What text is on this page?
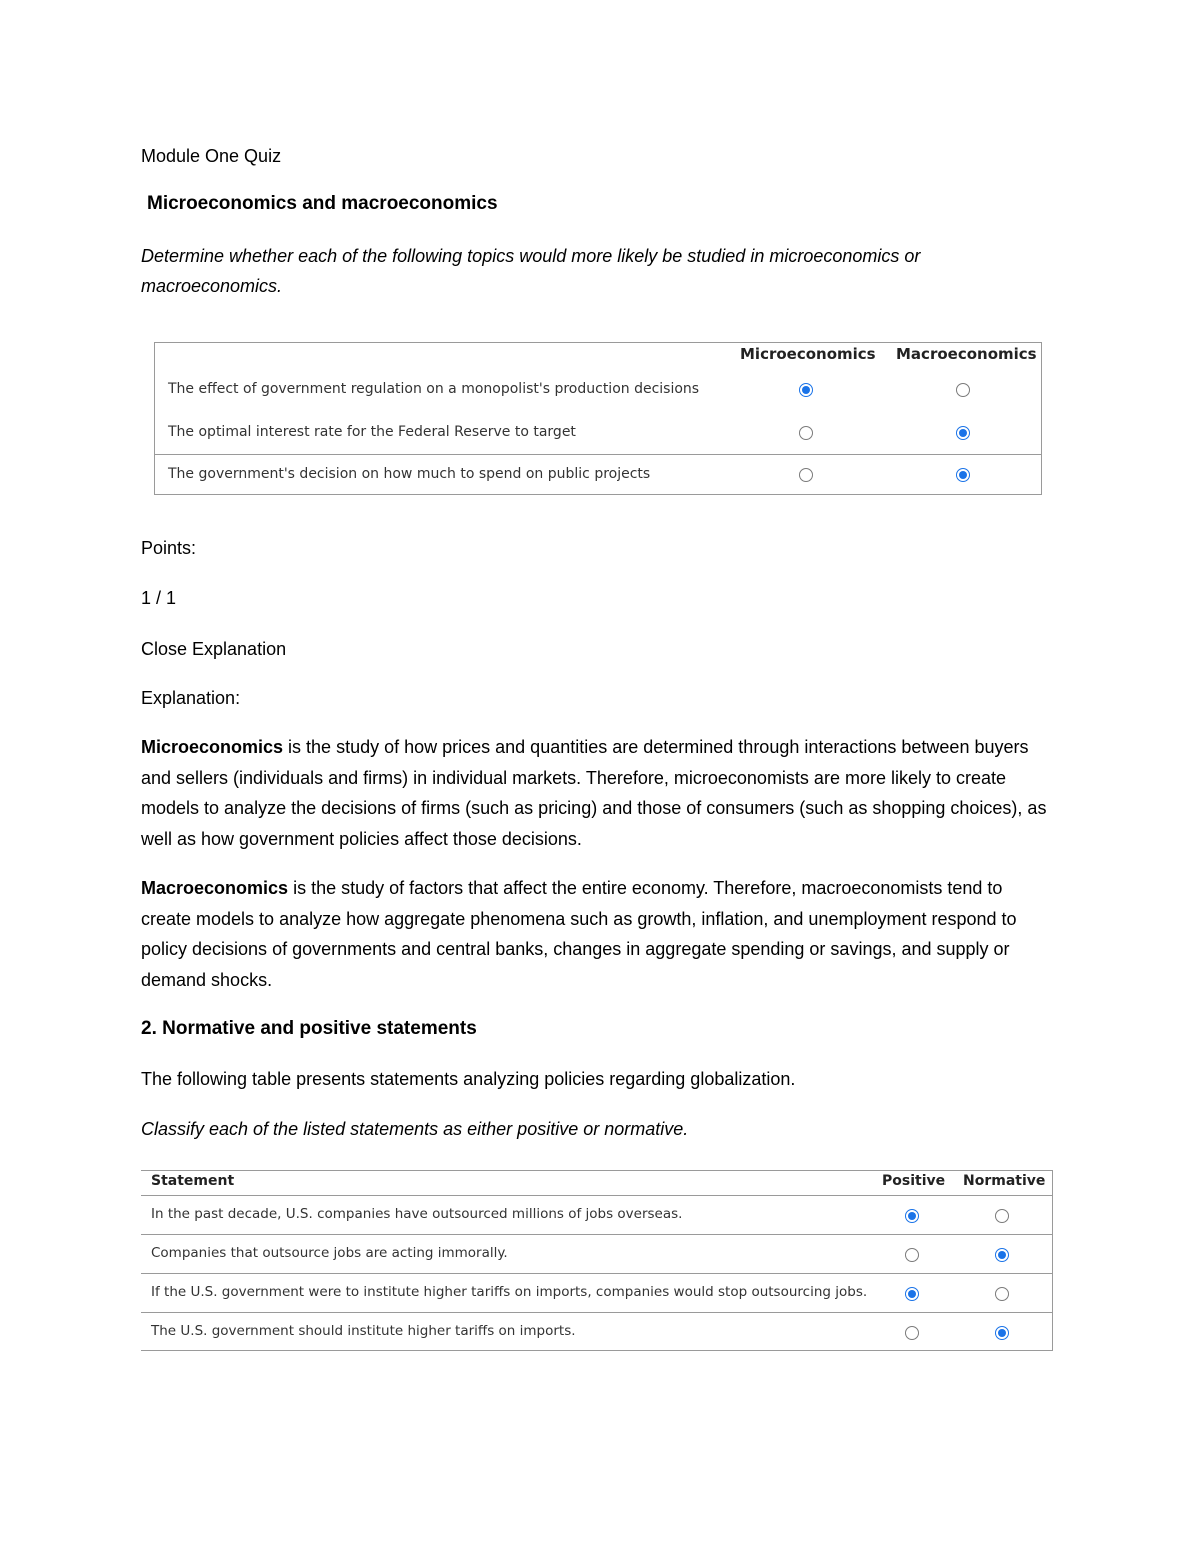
Module One Quiz
Microeconomics and macroeconomics
Determine whether each of the following topics would more likely be studied in microeconomics or
macroeconomics.
Points:
1 / 1
Close Explanation
Explanation:
Microeconomics is the study of how prices and quantities are determined through interactions between buyers and sellers (individuals and firms) in individual markets. Therefore, microeconomists are more likely to create models to analyze the decisions of firms (such as pricing) and those of consumers (such as shopping choices), as well as how government policies affect those decisions.
Macroeconomics is the study of factors that affect the entire economy. Therefore, macroeconomists tend to create models to analyze how aggregate phenomena such as growth, inflation, and unemployment respond to policy decisions of governments and central banks, changes in aggregate spending or savings, and supply or demand shocks.
2. Normative and positive statements
The following table presents statements analyzing policies regarding globalization.
Classify each of the listed statements as either positive or normative.
Microeconomics Macroeconomics
The effect of government regulation on a monopolist's production decisions
The optimal interest rate for the Federal Reserve to target
The government's decision on how much to spend on public projects
Statement	Positive Normative
In the past decade, U.S. companies have outsourced millions of jobs overseas.
Companies that outsource jobs are acting immorally.
If the U.S. government were to institute higher tariffs on imports, companies would stop outsourcing jobs.
The U.S. government should institute higher tariffs on imports.
